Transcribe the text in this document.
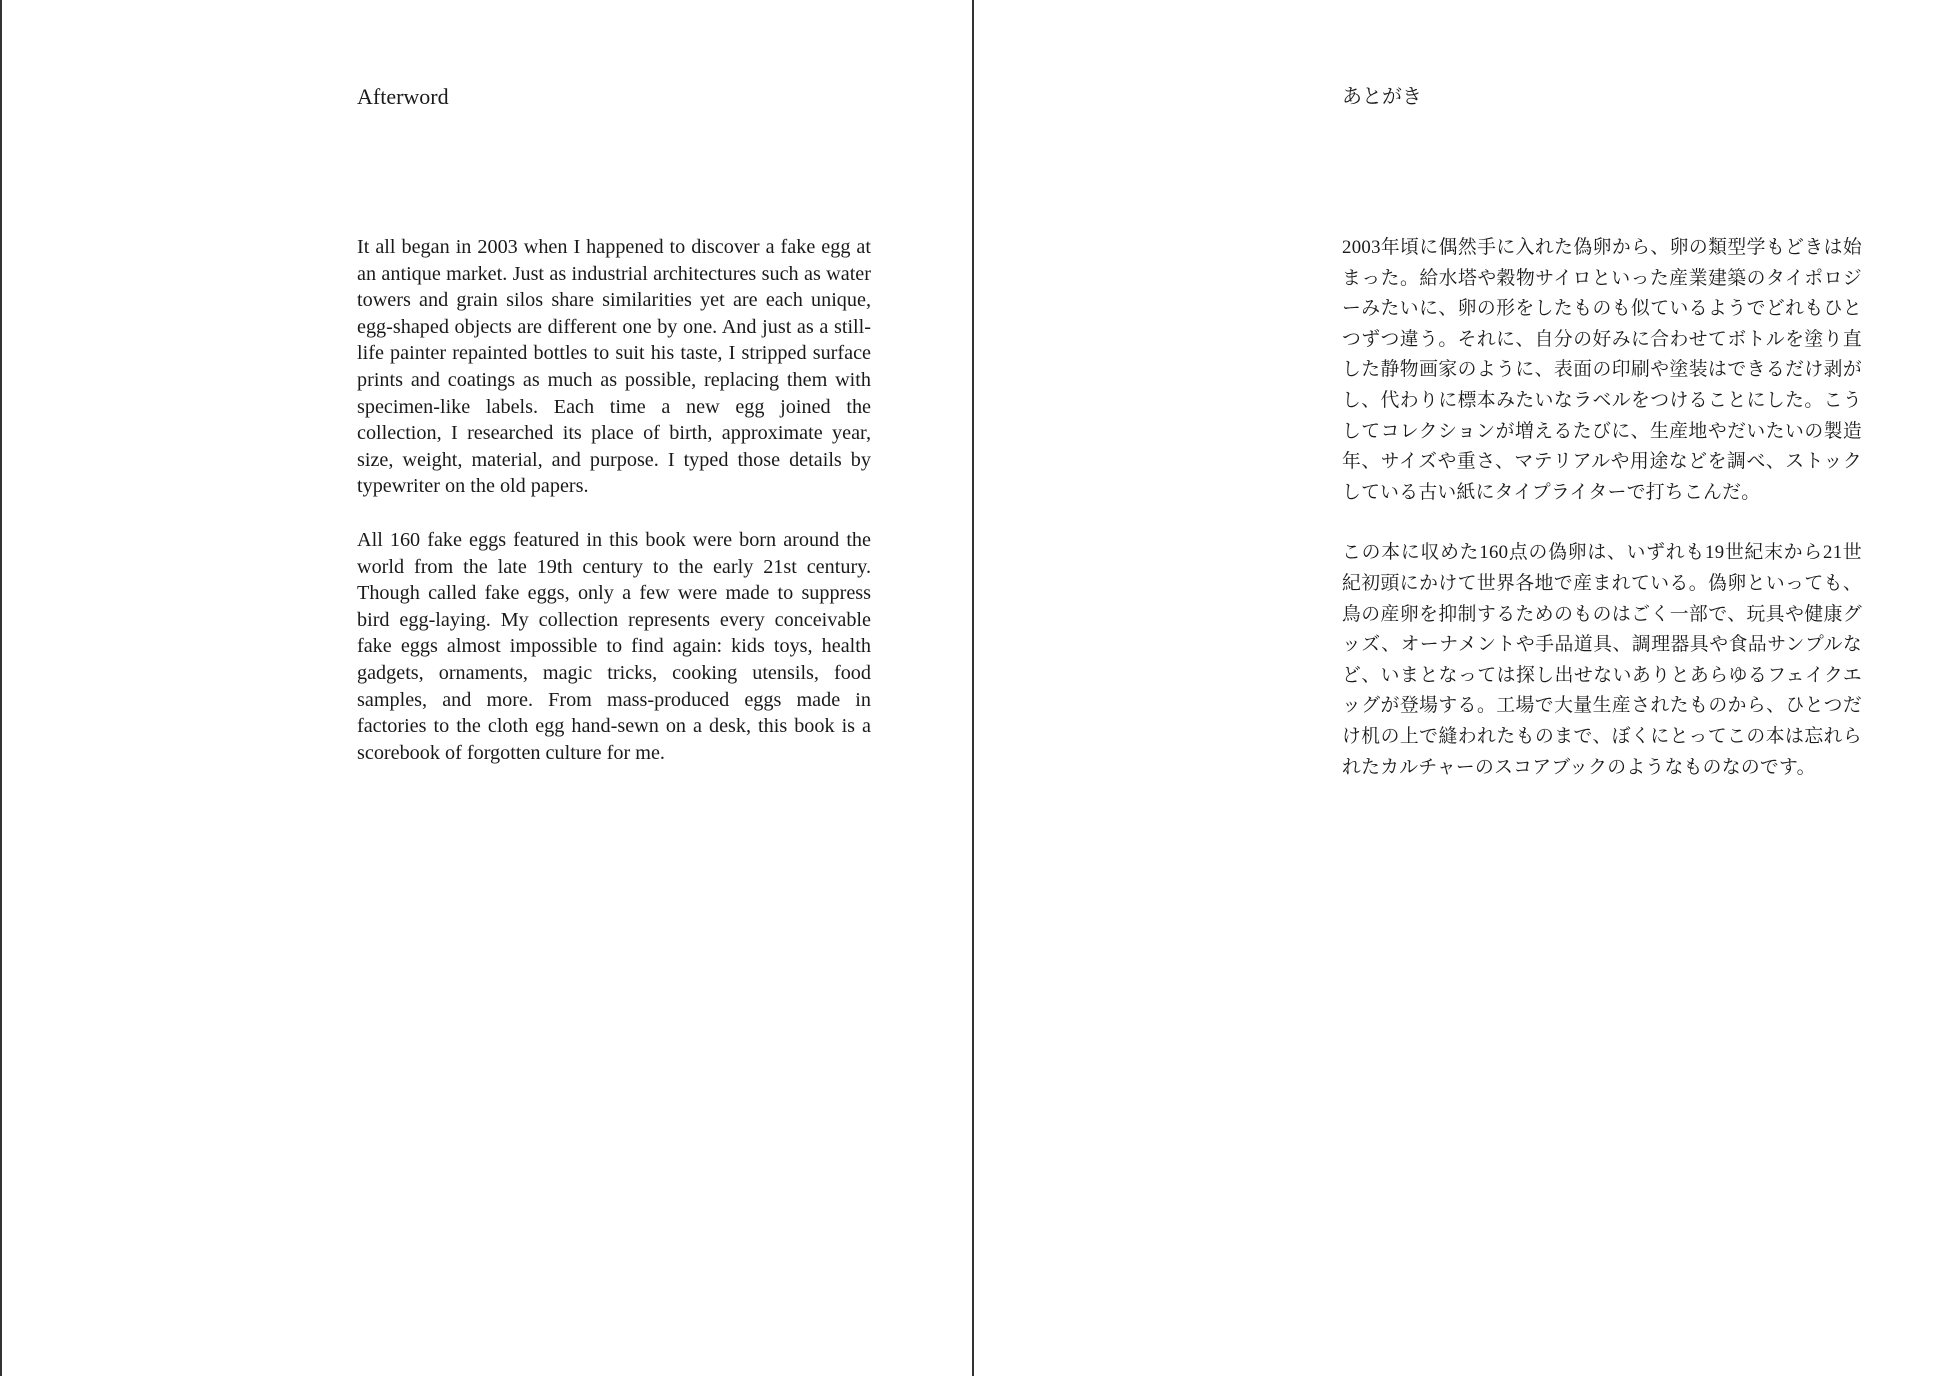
Afterword

It all began in 2003 when I happened to discover a fake egg at an antique market. Just as industrial architectures such as water towers and grain silos share similarities yet are each unique, egg-shaped objects are different one by one. And just as a still-life painter repainted bottles to suit his taste, I stripped surface prints and coatings as much as possible, replacing them with specimen-like labels. Each time a new egg joined the collection, I researched its place of birth, approximate year, size, weight, material, and purpose. I typed those details by typewriter on the old papers.

All 160 fake eggs featured in this book were born around the world from the late 19th century to the early 21st century. Though called fake eggs, only a few were made to suppress bird egg-laying. My collection represents every conceivable fake eggs almost impossible to find again: kids toys, health gadgets, ornaments, magic tricks, cooking utensils, food samples, and more. From mass-produced eggs made in factories to the cloth egg hand-sewn on a desk, this book is a scorebook of forgotten culture for me.

あとがき

2003年頃に偶然手に入れた偽卵から、卵の類型学もどきは始まった。給水塔や穀物サイロといった産業建築のタイポロジーみたいに、卵の形をしたものも似ているようでどれもひとつずつ違う。それに、自分の好みに合わせてボトルを塗り直した静物画家のように、表面の印刷や塗装はできるだけ剥がし、代わりに標本みたいなラベルをつけることにした。こうしてコレクションが増えるたびに、生産地やだいたいの製造年、サイズや重さ、マテリアルや用途などを調べ、ストックしている古い紙にタイプライターで打ちこんだ。

この本に収めた160点の偽卵は、いずれも19世紀末から21世紀初頭にかけて世界各地で産まれている。偽卵といっても、鳥の産卵を抑制するためのものはごく一部で、玩具や健康グッズ、オーナメントや手品道具、調理器具や食品サンプルなど、いまとなっては探し出せないありとあらゆるフェイクエッグが登場する。工場で大量生産されたものから、ひとつだけ机の上で縫われたものまで、ぼくにとってこの本は忘れられたカルチャーのスコアブックのようなものなのです。
